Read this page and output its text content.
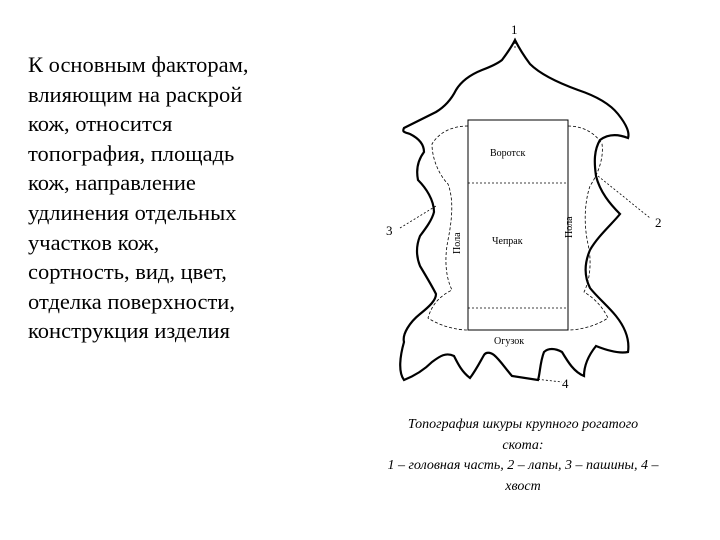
К основным факторам,
влияющим на раскрой
кож, относится
топография, площадь
кож, направление
удлинения отдельных
участков кож,
сортность, вид, цвет,
отделка поверхности,
конструкция изделия
1
2
3
4
Воротск
Чепрак
Огузок
Пола
Пола
Топография шкуры крупного рогатого
скота:
1 – головная часть, 2 – лапы, 3 – пашины, 4 –
хвост
